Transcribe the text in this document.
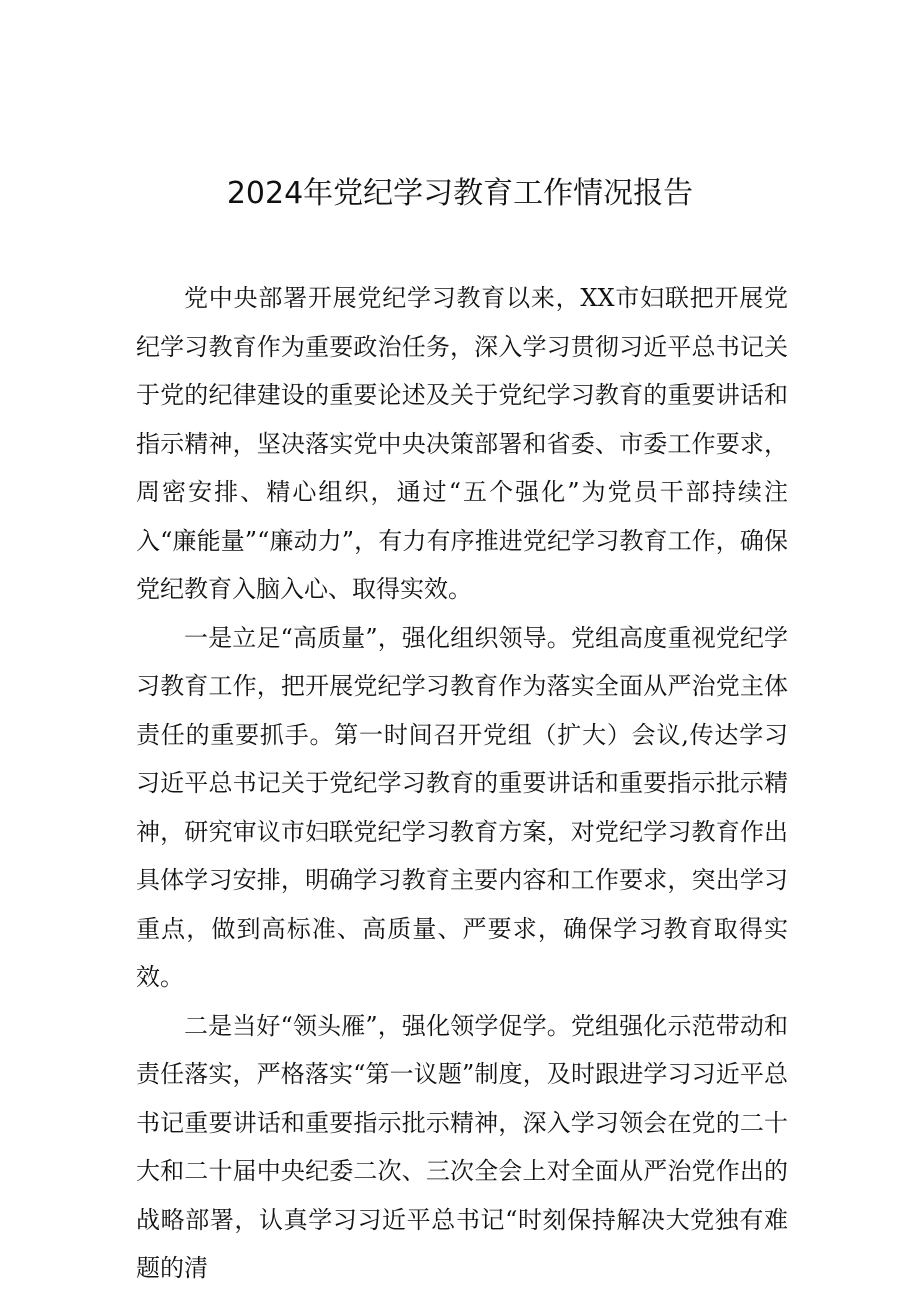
2024年党纪学习教育工作情况报告

党中央部署开展党纪学习教育以来，XX市妇联把开展党纪学习教育作为重要政治任务，深入学习贯彻习近平总书记关于党的纪律建设的重要论述及关于党纪学习教育的重要讲话和指示精神，坚决落实党中央决策部署和省委、市委工作要求，周密安排、精心组织，通过“五个强化”为党员干部持续注入“廉能量”“廉动力”，有力有序推进党纪学习教育工作，确保党纪教育入脑入心、取得实效。

一是立足“高质量”，强化组织领导。党组高度重视党纪学习教育工作，把开展党纪学习教育作为落实全面从严治党主体责任的重要抓手。第一时间召开党组（扩大）会议,传达学习习近平总书记关于党纪学习教育的重要讲话和重要指示批示精神，研究审议市妇联党纪学习教育方案，对党纪学习教育作出具体学习安排，明确学习教育主要内容和工作要求，突出学习重点，做到高标准、高质量、严要求，确保学习教育取得实效。

二是当好“领头雁”，强化领学促学。党组强化示范带动和责任落实，严格落实“第一议题”制度，及时跟进学习习近平总书记重要讲话和重要指示批示精神，深入学习领会在党的二十大和二十届中央纪委二次、三次全会上对全面从严治党作出的战略部署，认真学习习近平总书记“时刻保持解决大党独有难题的清
